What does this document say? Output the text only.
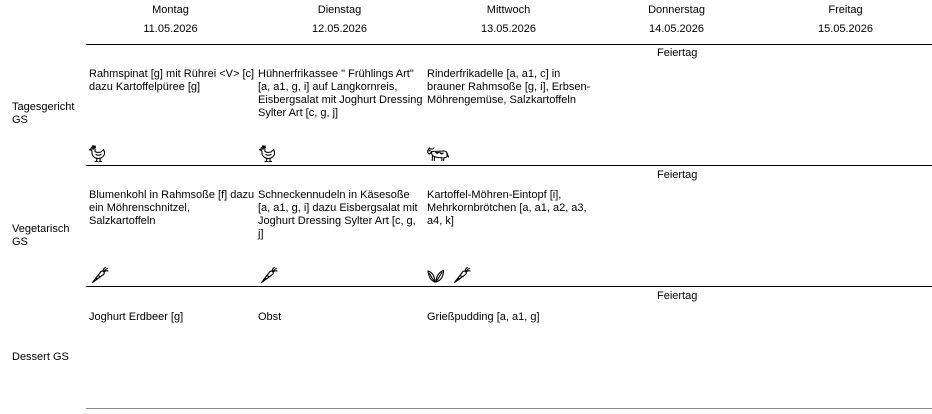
Montag
11.05.2026
Dienstag
12.05.2026
Mittwoch
13.05.2026
Donnerstag
14.05.2026
Freitag
15.05.2026
Feiertag
Feiertag
Feiertag
Tagesgericht
GS
Rahmspinat [g] mit Rührei <V> [c] dazu Kartoffelpüree [g]
Hühnerfrikassee " Frühlings Art" [a, a1, g, i] auf Langkornreis, Eisbergsalat mit Joghurt Dressing Sylter Art [c, g, j]
Rinderfrikadelle [a, a1, c] in brauner Rahmsoße [g, i], Erbsen-Möhrengemüse, Salzkartoffeln
Vegetarisch
GS
Blumenkohl in Rahmsoße [f] dazu ein Möhrenschnitzel, Salzkartoffeln
Schneckennudeln in Käsesoße [a, a1, g, i] dazu Eisbergsalat mit Joghurt Dressing Sylter Art [c, g, j]
Kartoffel-Möhren-Eintopf [i], Mehrkornbrötchen [a, a1, a2, a3, a4, k]
Dessert GS
Joghurt Erdbeer [g]	Obst	Grießpudding [a, a1, g]
